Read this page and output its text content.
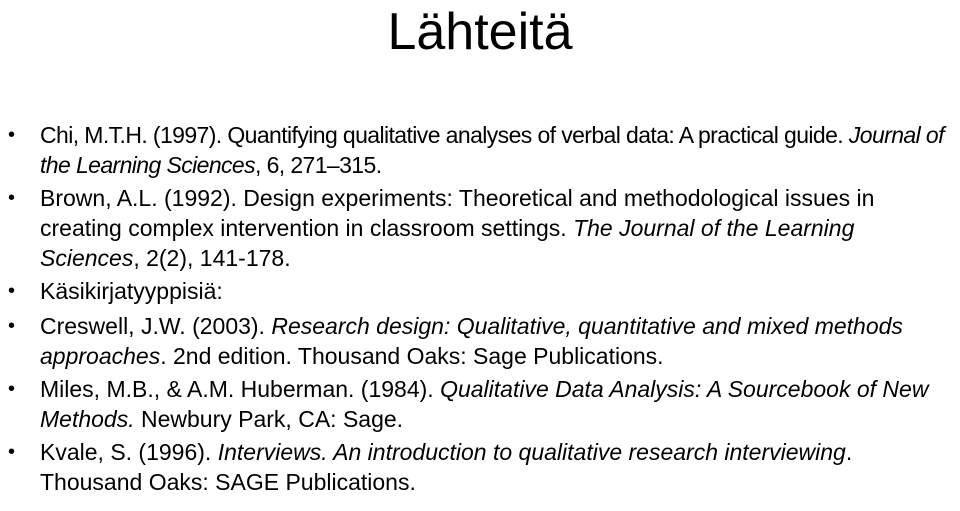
Lähteitä
• Chi, M.T.H. (1997). Quantifying qualitative analyses of verbal data: A practical guide. Journal of the Learning Sciences, 6, 271–315.
• Brown, A.L. (1992). Design experiments: Theoretical and methodological issues in creating complex intervention in classroom settings. The Journal of the Learning Sciences, 2(2), 141-178.
• Käsikirjatyyppisiä:
• Creswell, J.W. (2003). Research design: Qualitative, quantitative and mixed methods approaches. 2nd edition. Thousand Oaks: Sage Publications.
• Miles, M.B., & A.M. Huberman. (1984). Qualitative Data Analysis: A Sourcebook of New Methods. Newbury Park, CA: Sage.
• Kvale, S. (1996). Interviews. An introduction to qualitative research interviewing. Thousand Oaks: SAGE Publications.
